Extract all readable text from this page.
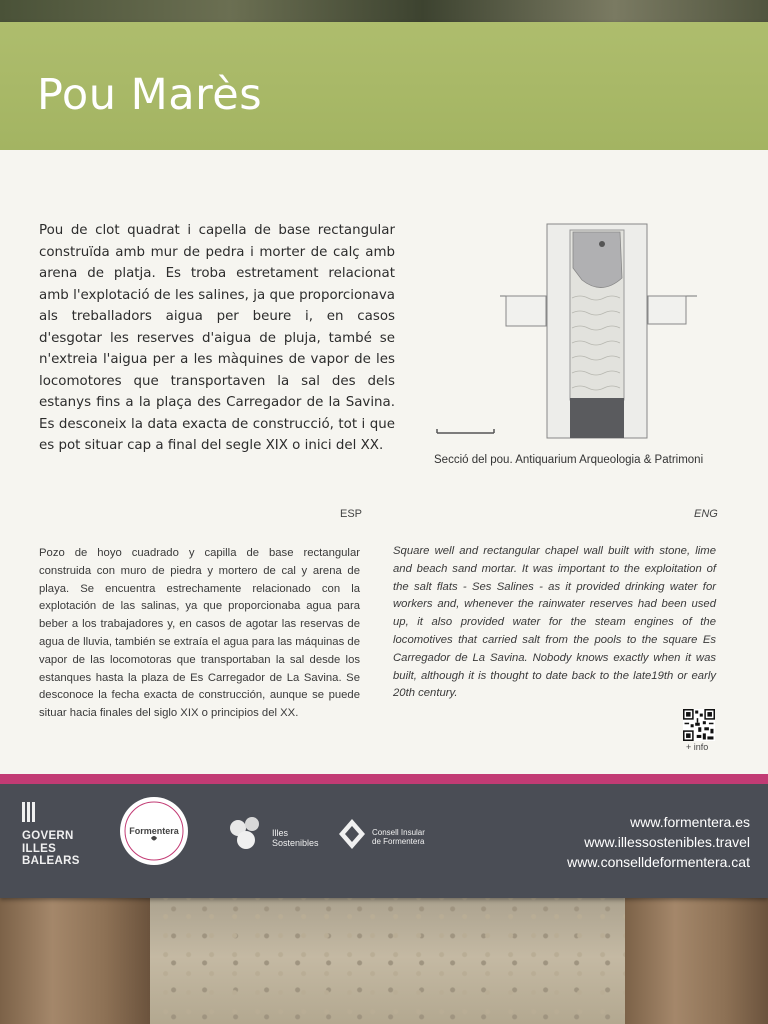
Pou Marès
Pou de clot quadrat i capella de base rectangular construïda amb mur de pedra i morter de calç amb arena de platja. Es troba estretament relacionat amb l'explotació de les salines, ja que proporcionava als treballadors aigua per beure i, en casos d'esgotar les reserves d'aigua de pluja, també se n'extreia l'aigua per a les màquines de vapor de les locomotores que transportaven la sal des dels estanys fins a la plaça des Carregador de la Savina. Es desconeix la data exacta de construcció, tot i que es pot situar cap a final del segle XIX o inici del XX.
Secció del pou. Antiquarium Arqueologia & Patrimoni
ESP	ENG
Pozo de hoyo cuadrado y capilla de base rectangular construida con muro de piedra y mortero de cal y arena de playa. Se encuentra estrechamente relacionado con la explotación de las salinas, ya que proporcionaba agua para beber a los trabajadores y, en casos de agotar las reservas de agua de lluvia, también se extraía el agua para las máquinas de vapor de las locomotoras que transportaban la sal desde los estanques hasta la plaza de Es Carregador de La Savina. Se desconoce la fecha exacta de construcción, aunque se puede situar hacia finales del siglo XIX o principios del XX.
Square well and rectangular chapel wall built with stone, lime and beach sand mortar. It was important to the exploitation of the salt flats - Ses Salines - as it provided drinking water for workers and, whenever the rainwater reserves had been used up, it also provided water for the steam engines of the locomotives that carried salt from the pools to the square Es Carregador de La Savina. Nobody knows exactly when it was built, although it is thought to date back to the late19th or early 20th century.
+ info
GOVERN
ILLES
BALEARS
Formentera	Illes
Sostenibles
Consell Insular
de Formentera
www.formentera.es
www.illessostenibles.travel
www.conselldeformentera.cat
